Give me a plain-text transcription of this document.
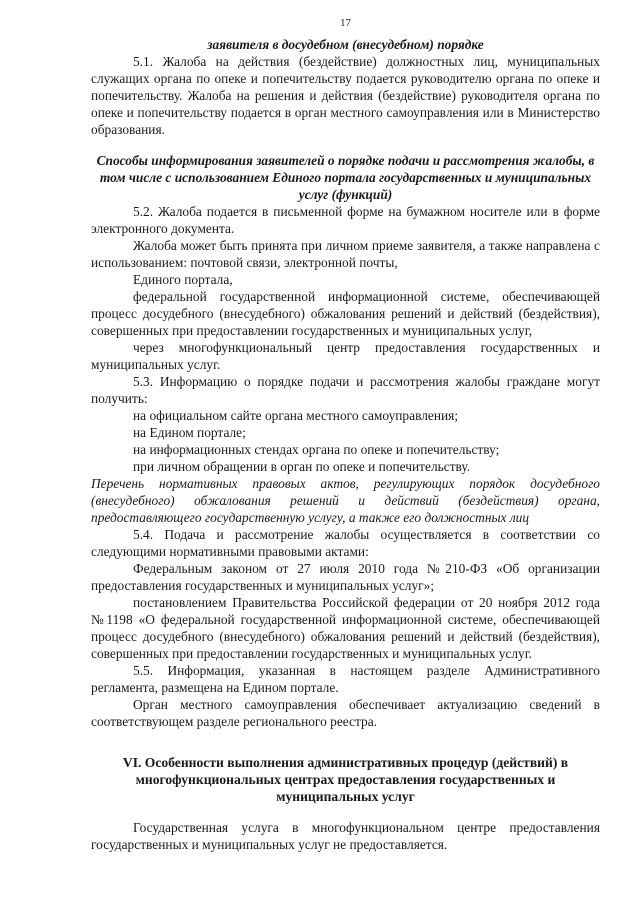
17

заявителя в досудебном (внесудебном) порядке

5.1. Жалоба на действия (бездействие) должностных лиц, муниципальных служащих органа по опеке и попечительству подается руководителю органа по опеке и попечительству. Жалоба на решения и действия (бездействие) руководителя органа по опеке и попечительству подается в орган местного самоуправления или в Министерство образования.

Способы информирования заявителей о порядке подачи и рассмотрения жалобы, в том числе с использованием Единого портала государственных и муниципальных услуг (функций)

5.2. Жалоба подается в письменной форме на бумажном носителе или в форме электронного документа.

Жалоба может быть принята при личном приеме заявителя, а также направлена с использованием: почтовой связи, электронной почты,

Единого портала,

федеральной государственной информационной системе, обеспечивающей процесс досудебного (внесудебного) обжалования решений и действий (бездействия), совершенных при предоставлении государственных и муниципальных услуг,

через многофункциональный центр предоставления государственных и муниципальных услуг.

5.3. Информацию о порядке подачи и рассмотрения жалобы граждане могут получить:

на официальном сайте органа местного самоуправления;

на Едином портале;

на информационных стендах органа по опеке и попечительству;

при личном обращении в орган по опеке и попечительству.

Перечень нормативных правовых актов, регулирующих порядок досудебного (внесудебного) обжалования решений и действий (бездействия) органа, предоставляющего государственную услугу, а также его должностных лиц

5.4. Подача и рассмотрение жалобы осуществляется в соответствии со следующими нормативными правовыми актами:

Федеральным законом от 27 июля 2010 года №210-ФЗ «Об организации предоставления государственных и муниципальных услуг»;

постановлением Правительства Российской федерации от 20 ноября 2012 года №1198 «О федеральной государственной информационной системе, обеспечивающей процесс досудебного (внесудебного) обжалования решений и действий (бездействия), совершенных при предоставлении государственных и муниципальных услуг.

5.5. Информация, указанная в настоящем разделе Административного регламента, размещена на Едином портале.

Орган местного самоуправления обеспечивает актуализацию сведений в соответствующем разделе регионального реестра.

VI. Особенности выполнения административных процедур (действий) в многофункциональных центрах предоставления государственных и муниципальных услуг

Государственная услуга в многофункциональном центре предоставления государственных и муниципальных услуг не предоставляется.
